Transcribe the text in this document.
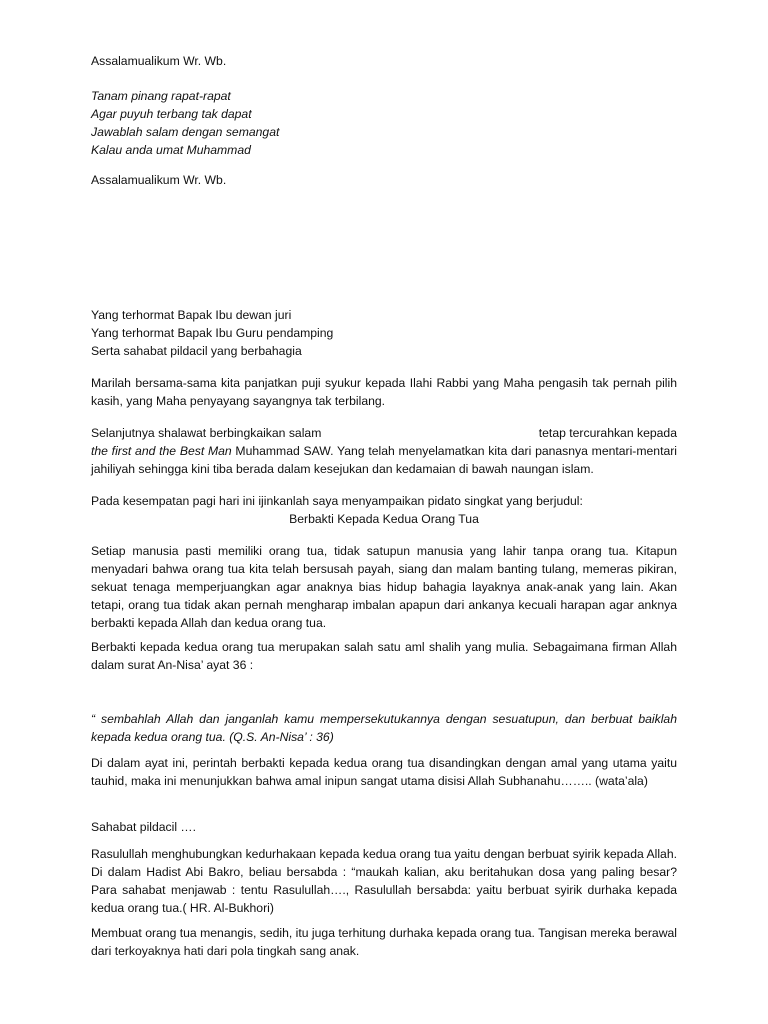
Assalamualikum Wr. Wb.

Tanam pinang rapat-rapat
Agar puyuh terbang tak dapat
Jawablah salam dengan semangat
Kalau anda umat Muhammad

Assalamualikum Wr. Wb.

Yang terhormat Bapak Ibu dewan juri
Yang terhormat Bapak Ibu Guru pendamping
Serta sahabat pildacil yang berbahagia

Marilah bersama-sama kita panjatkan puji syukur kepada Ilahi Rabbi yang Maha pengasih tak pernah pilih kasih, yang Maha penyayang sayangnya tak terbilang.

Selanjutnya shalawat berbingkaikan salam	tetap tercurahkan kepada
the first and the Best Man Muhammad SAW. Yang telah menyelamatkan kita dari panasnya mentari-mentari jahiliyah sehingga kini tiba berada dalam kesejukan dan kedamaian di bawah naungan islam.

Pada kesempatan pagi hari ini ijinkanlah saya menyampaikan pidato singkat yang berjudul:

Berbakti Kepada Kedua Orang Tua

Setiap manusia pasti memiliki orang tua, tidak satupun manusia yang lahir tanpa orang tua. Kitapun menyadari bahwa orang tua kita telah bersusah payah, siang dan malam banting tulang, memeras pikiran, sekuat tenaga memperjuangkan agar anaknya bias hidup bahagia layaknya anak-anak yang lain. Akan tetapi, orang tua tidak akan pernah mengharap imbalan apapun dari ankanya kecuali harapan agar anknya berbakti kepada Allah dan kedua orang tua.

Berbakti kepada kedua orang tua merupakan salah satu aml shalih yang mulia. Sebagaimana firman Allah dalam surat An-Nisa’ ayat 36 :

“ sembahlah Allah dan janganlah kamu mempersekutukannya dengan sesuatupun, dan berbuat baiklah kepada kedua orang tua. (Q.S. An-Nisa’ : 36)

Di dalam ayat ini, perintah berbakti kepada kedua orang tua disandingkan dengan amal yang utama yaitu tauhid, maka ini menunjukkan bahwa amal inipun sangat utama disisi Allah Subhanahu…….. (wata’ala)

Sahabat pildacil ….

Rasulullah menghubungkan kedurhakaan kepada kedua orang tua yaitu dengan berbuat syirik kepada Allah. Di dalam Hadist Abi Bakro, beliau bersabda : “maukah kalian, aku beritahukan dosa yang paling besar? Para sahabat menjawab : tentu Rasulullah…., Rasulullah bersabda: yaitu berbuat syirik durhaka kepada kedua orang tua.( HR. Al-Bukhori)

Membuat orang tua menangis, sedih, itu juga terhitung durhaka kepada orang tua. Tangisan mereka berawal dari terkoyaknya hati dari pola tingkah sang anak.
